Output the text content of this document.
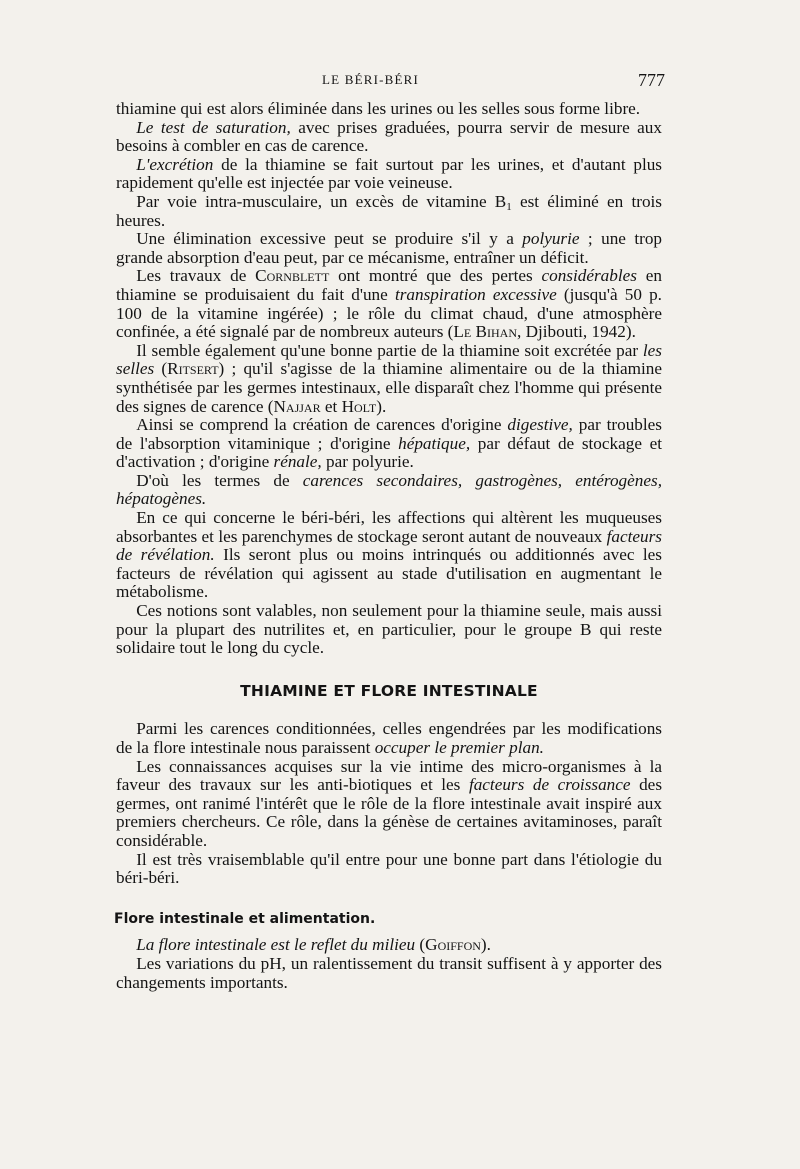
LE BÉRI-BÉRI	777

thiamine qui est alors éliminée dans les urines ou les selles sous forme libre.

 Le test de saturation, avec prises graduées, pourra servir de mesure aux besoins à combler en cas de carence.

 L'excrétion de la thiamine se fait surtout par les urines, et d'autant plus rapidement qu'elle est injectée par voie veineuse.

 Par voie intra-musculaire, un excès de vitamine $B_1$ est éliminé en trois heures.

 Une élimination excessive peut se produire s'il y a polyurie ; une trop grande absorption d'eau peut, par ce mécanisme, entraîner un déficit.

 Les travaux de Cornblett ont montré que des pertes considérables en thiamine se produisaient du fait d'une transpiration excessive (jusqu'à 50 p. 100 de la vitamine ingérée) ; le rôle du climat chaud, d'une atmosphère confinée, a été signalé par de nombreux auteurs (Le Bihan, Djibouti, 1942).

 Il semble également qu'une bonne partie de la thiamine soit excrétée par les selles (Ritsert) ; qu'il s'agisse de la thiamine alimentaire ou de la thiamine synthétisée par les germes intestinaux, elle disparaît chez l'homme qui présente des signes de carence (Najjar et Holt).

 Ainsi se comprend la création de carences d'origine digestive, par troubles de l'absorption vitaminique ; d'origine hépatique, par défaut de stockage et d'activation ; d'origine rénale, par polyurie.

 D'où les termes de carences secondaires, gastrogènes, entérogènes, hépatogènes.

 En ce qui concerne le béri-béri, les affections qui altèrent les muqueuses absorbantes et les parenchymes de stockage seront autant de nouveaux facteurs de révélation. Ils seront plus ou moins intrinqués ou additionnés avec les facteurs de révélation qui agissent au stade d'utilisation en augmentant le métabolisme.

 Ces notions sont valables, non seulement pour la thiamine seule, mais aussi pour la plupart des nutrilites et, en particulier, pour le groupe B qui reste solidaire tout le long du cycle.

THIAMINE ET FLORE INTESTINALE

 Parmi les carences conditionnées, celles engendrées par les modifications de la flore intestinale nous paraissent occuper le premier plan.

 Les connaissances acquises sur la vie intime des micro-organismes à la faveur des travaux sur les anti-biotiques et les facteurs de croissance des germes, ont ranimé l'intérêt que le rôle de la flore intestinale avait inspiré aux premiers chercheurs. Ce rôle, dans la génèse de certaines avitaminoses, paraît considérable.

 Il est très vraisemblable qu'il entre pour une bonne part dans l'étiologie du béri-béri.

Flore intestinale et alimentation.

 La flore intestinale est le reflet du milieu (Goiffon).

 Les variations du pH, un ralentissement du transit suffisent à y apporter des changements importants.
